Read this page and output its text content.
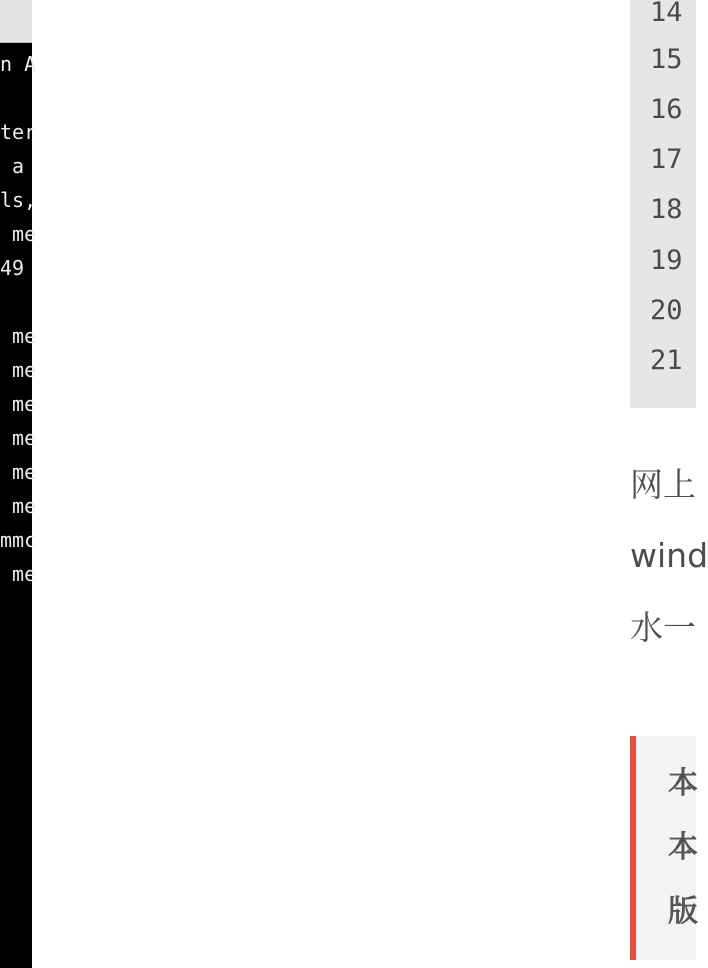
n A
ter
a
ls,
me
49
me
me
me
me
me
me
mmc
me
14
15
16
17
18
19
20
21
网上
wind
水一
本
本
版
